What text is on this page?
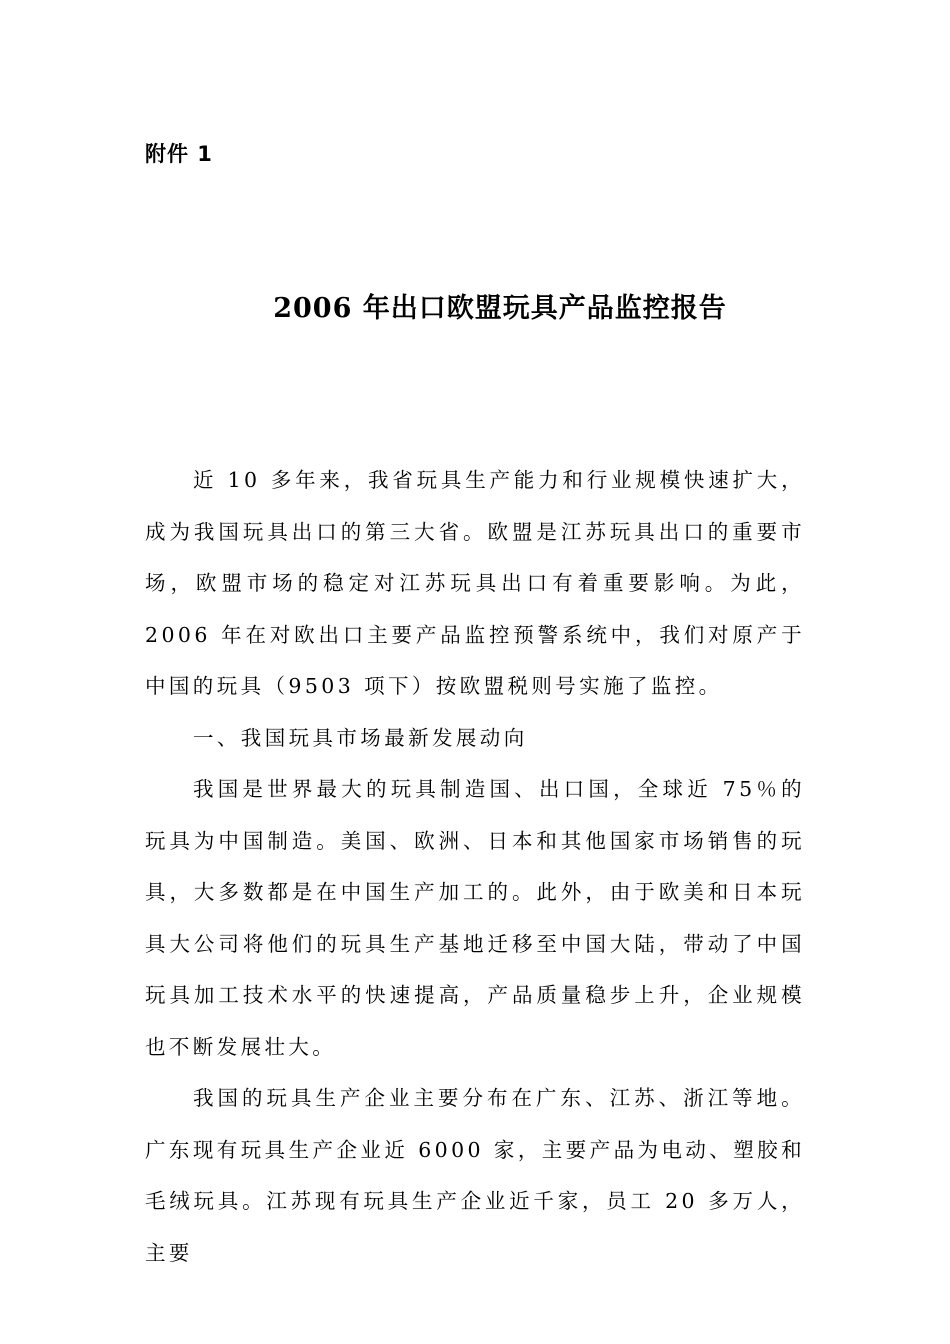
附件 1
2006 年出口欧盟玩具产品监控报告

近 10 多年来，我省玩具生产能力和行业规模快速扩大，成为我国玩具出口的第三大省。欧盟是江苏玩具出口的重要市场，欧盟市场的稳定对江苏玩具出口有着重要影响。为此，2006 年在对欧出口主要产品监控预警系统中，我们对原产于中国的玩具（9503 项下）按欧盟税则号实施了监控。

一、我国玩具市场最新发展动向

我国是世界最大的玩具制造国、出口国，全球近 75％的玩具为中国制造。美国、欧洲、日本和其他国家市场销售的玩具，大多数都是在中国生产加工的。此外，由于欧美和日本玩具大公司将他们的玩具生产基地迁移至中国大陆，带动了中国玩具加工技术水平的快速提高，产品质量稳步上升，企业规模也不断发展壮大。

我国的玩具生产企业主要分布在广东、江苏、浙江等地。广东现有玩具生产企业近 6000 家，主要产品为电动、塑胶和毛绒玩具。江苏现有玩具生产企业近千家，员工 20 多万人，主要
